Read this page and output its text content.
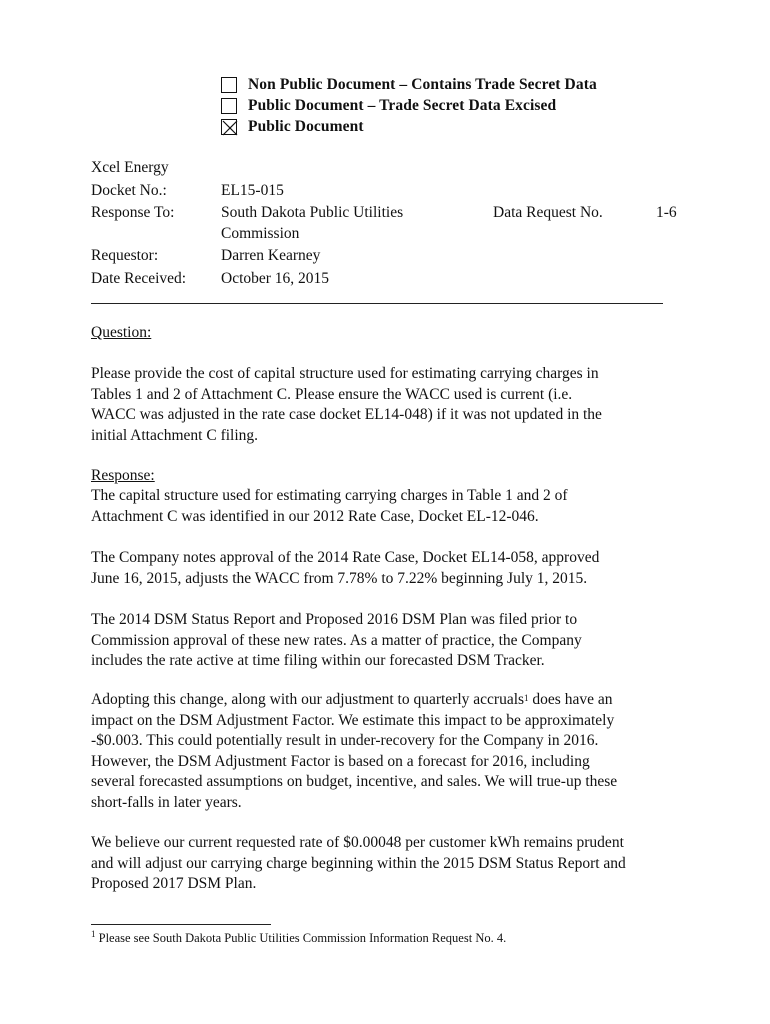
Non Public Document – Contains Trade Secret Data
Public Document – Trade Secret Data Excised
Public Document
Xcel Energy
Docket No.:	EL15-015
Response To:	South Dakota Public Utilities
Commission
Data Request No.	1-6
Requestor:	Darren Kearney
Date Received: October 16, 2015
Question:
Please provide the cost of capital structure used for estimating carrying charges in
Tables 1 and 2 of Attachment C. Please ensure the WACC used is current (i.e.
WACC was adjusted in the rate case docket EL14-048) if it was not updated in the
initial Attachment C filing.
Response:
The capital structure used for estimating carrying charges in Table 1 and 2 of
Attachment C was identified in our 2012 Rate Case, Docket EL-12-046.
The Company notes approval of the 2014 Rate Case, Docket EL14-058, approved
June 16, 2015, adjusts the WACC from 7.78% to 7.22% beginning July 1, 2015.
The 2014 DSM Status Report and Proposed 2016 DSM Plan was filed prior to
Commission approval of these new rates. As a matter of practice, the Company
includes the rate active at time filing within our forecasted DSM Tracker.
Adopting this change, along with our adjustment to quarterly accruals$^1$ does have an
impact on the DSM Adjustment Factor. We estimate this impact to be approximately
-$0.003. This could potentially result in under-recovery for the Company in 2016.
However, the DSM Adjustment Factor is based on a forecast for 2016, including
several forecasted assumptions on budget, incentive, and sales. We will true-up these
short-falls in later years.
We believe our current requested rate of $0.00048 per customer kWh remains prudent
and will adjust our carrying charge beginning within the 2015 DSM Status Report and
Proposed 2017 DSM Plan.
$^1$ Please see South Dakota Public Utilities Commission Information Request No. 4.
